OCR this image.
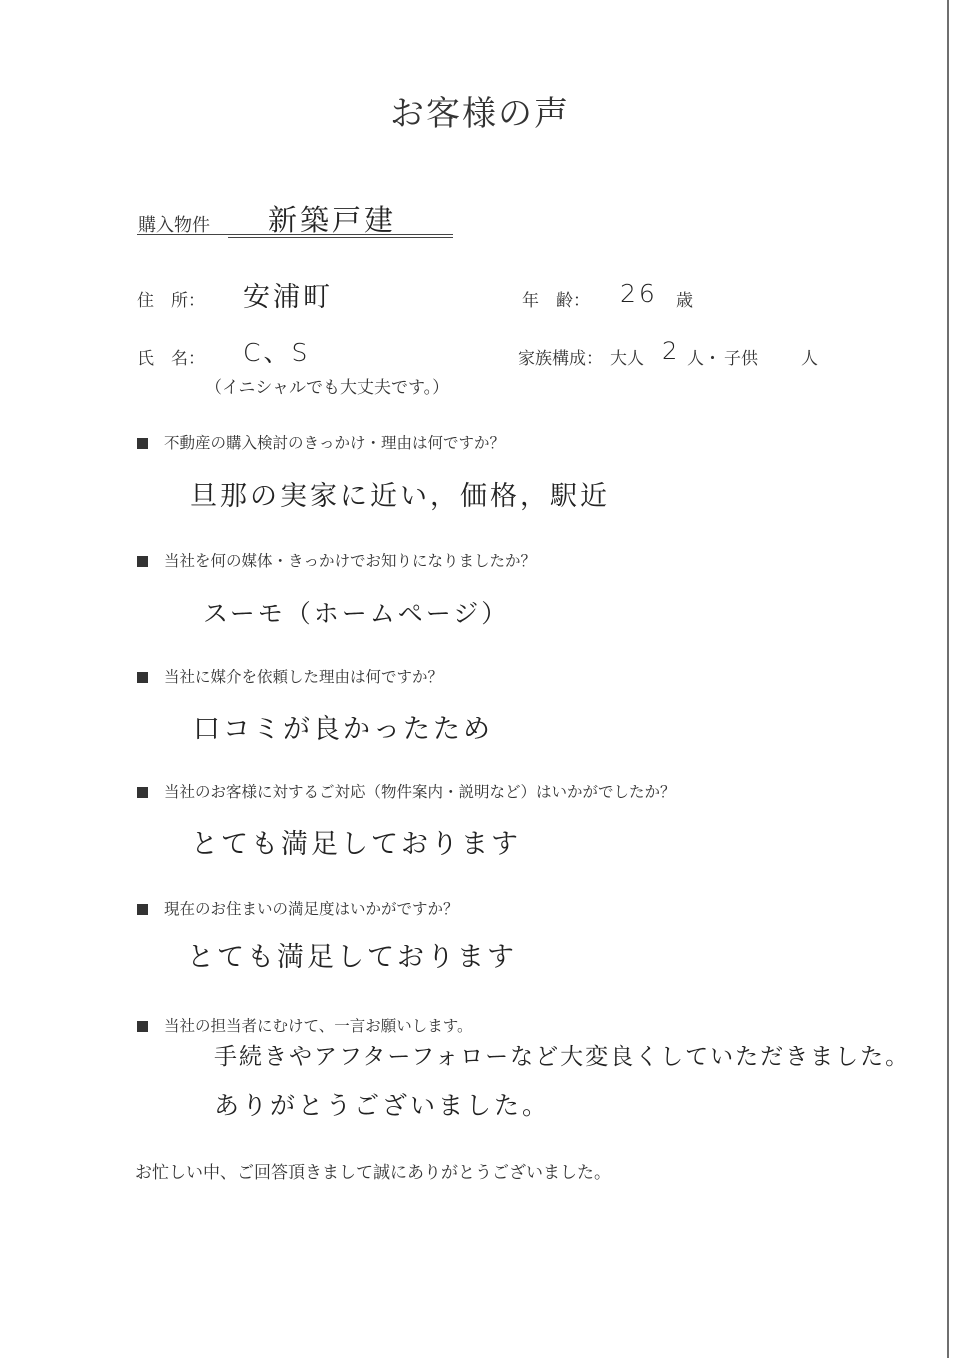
お客様の声
購入物件 新築戸建
住　所： 安浦町	年　齢： 26 歳
氏　名： C、S
（イニシャルでも大丈夫です。）
家族構成： 大人 2 人・ 子供	人
不動産の購入検討のきっかけ・理由は何ですか？
旦那の実家に近い，価格，駅近
当社を何の媒体・きっかけでお知りになりましたか？
スーモ（ホームページ）
当社に媒介を依頼した理由は何ですか？
口コミが良かったため
当社のお客様に対するご対応（物件案内・説明など）はいかがでしたか？
とても満足しております
現在のお住まいの満足度はいかがですか？
とても満足しております
当社の担当者にむけて、一言お願いします。
手続きやアフターフォローなど大変良くしていただきました。
ありがとうございました。
お忙しい中、ご回答頂きまして誠にありがとうございました。
